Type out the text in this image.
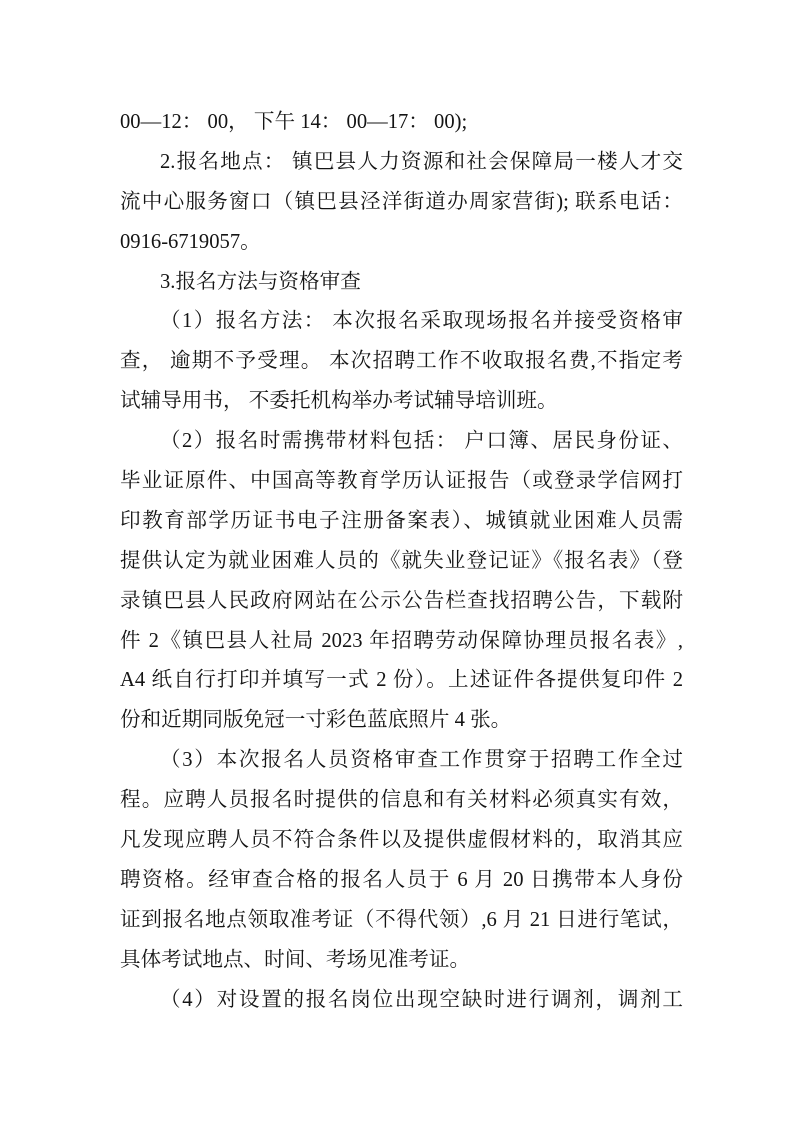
00—12： 00， 下午 14： 00—17： 00);
2.报名地点： 镇巴县人力资源和社会保障局一楼人才交
流中心服务窗口（镇巴县泾洋街道办周家营街); 联系电话：
0916-6719057。
3.报名方法与资格审查
（1）报名方法： 本次报名采取现场报名并接受资格审
查， 逾期不予受理。 本次招聘工作不收取报名费,不指定考
试辅导用书， 不委托机构举办考试辅导培训班。
（2）报名时需携带材料包括： 户口簿、居民身份证、
毕业证原件、中国高等教育学历认证报告（或登录学信网打
印教育部学历证书电子注册备案表）、城镇就业困难人员需
提供认定为就业困难人员的《就失业登记证》《报名表》（登
录镇巴县人民政府网站在公示公告栏查找招聘公告，下载附
件 2《镇巴县人社局 2023 年招聘劳动保障协理员报名表》,
A4 纸自行打印并填写一式 2 份）。上述证件各提供复印件 2
份和近期同版免冠一寸彩色蓝底照片 4 张。
（3）本次报名人员资格审查工作贯穿于招聘工作全过
程。应聘人员报名时提供的信息和有关材料必须真实有效，
凡发现应聘人员不符合条件以及提供虚假材料的，取消其应
聘资格。经审查合格的报名人员于 6 月 20 日携带本人身份
证到报名地点领取准考证（不得代领）,6 月 21 日进行笔试，
具体考试地点、时间、考场见准考证。
（4）对设置的报名岗位出现空缺时进行调剂，调剂工
